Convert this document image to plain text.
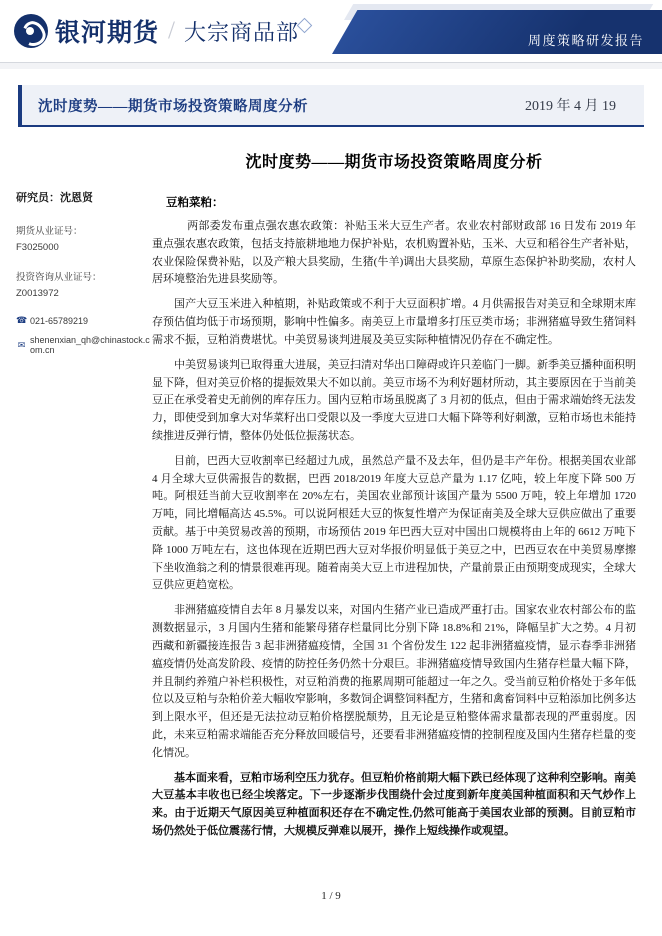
银河期货 / 大宗商品部	周度策略研发报告
沈时度势——期货市场投资策略周度分析	2019 年 4 月 19
研究员：沈恩贤
期货从业证号：
F3025000
投资咨询从业证号：
Z0013972
☎ 021-65789219
✉ shenenxian_qh@chinastock.com.cn
沈时度势——期货市场投资策略周度分析
豆粕菜粕：

两部委发布重点强农惠农政策：补贴玉米大豆生产者。农业农村部财政部 16 日发布 2019 年重点强农惠农政策，包括支持旅耕地地力保护补贴，农机购置补贴，玉米、大豆和稻谷生产者补贴，农业保险保费补贴，以及产粮大县奖励，生猪(牛羊)调出大县奖励，草原生态保护补助奖励，农村人居环境整治先进县奖励等。

国产大豆玉米进入种植期，补贴政策或不利于大豆面积扩增。4 月供需报告对美豆和全球期末库存预估值均低于市场预期，影响中性偏多。南美豆上市量增多打压豆类市场；非洲猪瘟导致生猪饲料需求不振，豆粕消费堪忧。中美贸易谈判进展及美豆实际种植情况仍存在不确定性。

中美贸易谈判已取得重大进展，美豆扫清对华出口障碍或许只差临门一脚。新季美豆播种面积明显下降，但对美豆价格的提振效果大不如以前。美豆市场不为利好题材所动，其主要原因在于当前美豆正在承受着史无前例的库存压力。国内豆粕市场虽脱离了 3 月初的低点，但由于需求端始终无法发力，即使受到加拿大对华菜籽出口受限以及一季度大豆进口大幅下降等利好刺激，豆粕市场也未能持续推进反弹行情，整体仍处低位振荡状态。

目前，巴西大豆收割率已经超过九成，虽然总产量不及去年，但仍是丰产年份。根据美国农业部 4 月全球大豆供需报告的数据，巴西 2018/2019 年度大豆总产量为 1.17 亿吨，较上年度下降 500 万吨。阿根廷当前大豆收割率在 20%左右，美国农业部预计该国产量为 5500 万吨，较上年增加 1720 万吨，同比增幅高达 45.5%。可以说阿根廷大豆的恢复性增产为保证南美及全球大豆供应做出了重要贡献。基于中美贸易改善的预期，市场预估 2019 年巴西大豆对中国出口规模将由上年的 6612 万吨下降 1000 万吨左右，这也体现在近期巴西大豆对华报价明显低于美豆之中，巴西豆农在中美贸易摩擦下坐收渔翁之利的情景很难再现。随着南美大豆上市进程加快，产量前景正由预期变成现实，全球大豆供应更趋宽松。

非洲猪瘟疫情自去年 8 月暴发以来，对国内生猪产业已造成严重打击。国家农业农村部公布的监测数据显示，3 月国内生猪和能繁母猪存栏量同比分别下降 18.8%和 21%，降幅呈扩大之势。4 月初西藏和新疆接连报告 3 起非洲猪瘟疫情，全国 31 个省份发生 122 起非洲猪瘟疫情，显示春季非洲猪瘟疫情仍处高发阶段、疫情的防控任务仍然十分艰巨。非洲猪瘟疫情导致国内生猪存栏量大幅下降，并且制约养殖户补栏积极性，对豆粕消费的拖累周期可能超过一年之久。受当前豆粕价格处于多年低位以及豆粕与杂粕价差大幅收窄影响，多数饲企调整饲料配方，生猪和禽畜饲料中豆粕添加比例多达到上限水平，但还是无法拉动豆粕价格摆脱颓势，且无论是豆粕整体需求量都表现的严重弱度。因此，未来豆粕需求端能否充分释放回暖信号，还要看非洲猪瘟疫情的控制程度及国内生猪存栏量的变化情况。

基本面来看，豆粕市场利空压力犹存。但豆粕价格前期大幅下跌已经体现了这种利空影响。南美大豆基本丰收也已经尘埃落定。下一步逐渐步伐围绕什会过度到新年度美国种植面积和天气炒作上来。由于近期天气原因美豆种植面积还存在不确定性,仍然可能高于美国农业部的预测。目前豆粕市场仍然处于低位震荡行情，大规模反弹难以展开，操作上短线操作或观望。

1 / 9
